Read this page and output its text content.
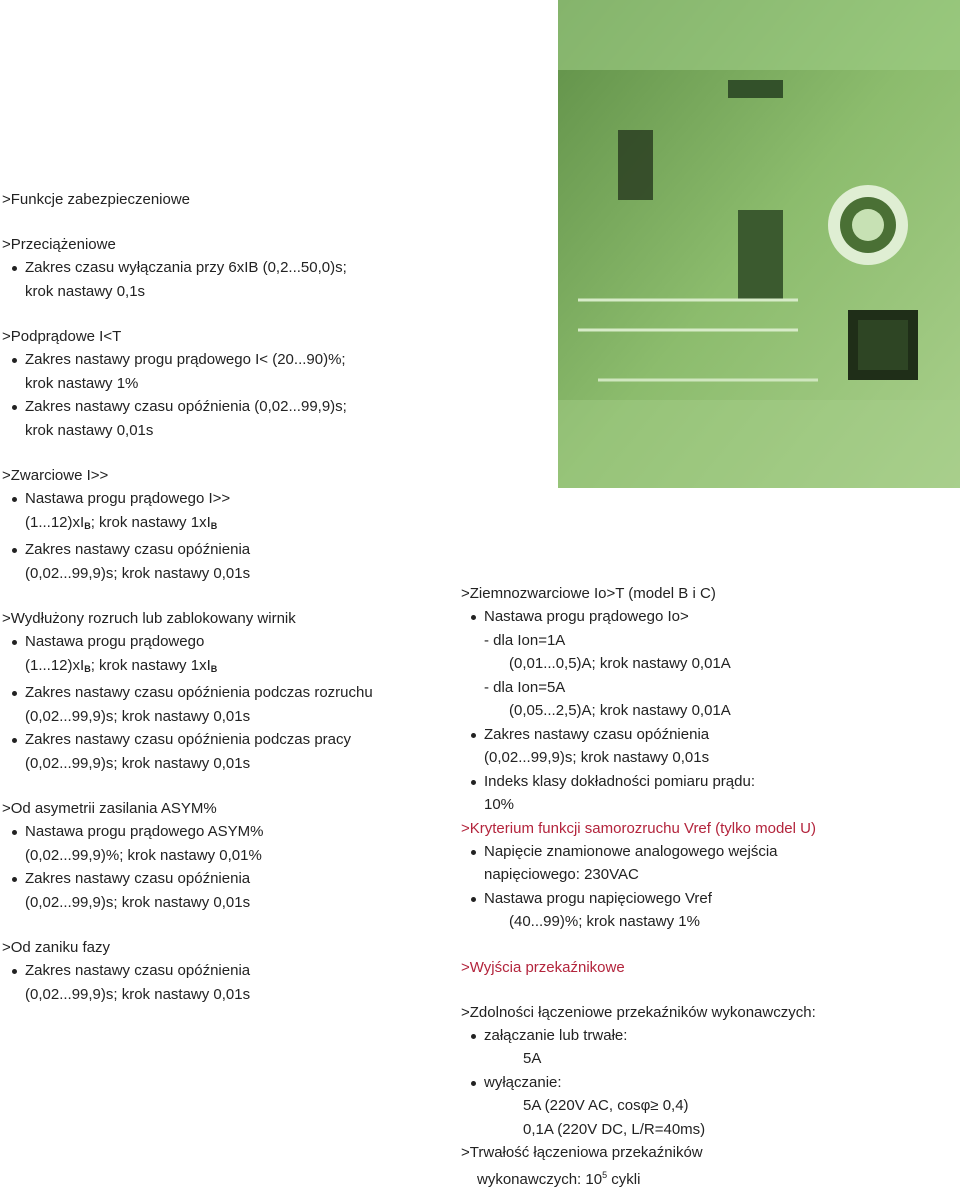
>Funkcje zabezpieczeniowe
>Przeciążeniowe
Zakres czasu wyłączania przy 6xIB (0,2...50,0)s;
krok nastawy 0,1s
>Podprądowe I<T
Zakres nastawy progu prądowego I< (20...90)%;
krok nastawy 1%
Zakres nastawy czasu opóźnienia (0,02...99,9)s;
krok nastawy 0,01s
>Zwarciowe I>>
Nastawa progu prądowego I>>
$(1...12)xI_B$; krok nastawy $1xI_B$
Zakres nastawy czasu opóźnienia
(0,02...99,9)s; krok nastawy 0,01s
>Wydłużony rozruch lub zablokowany wirnik
Nastawa progu prądowego
$(1...12)xI_B$; krok nastawy $1xI_B$
Zakres nastawy czasu opóźnienia podczas rozruchu
(0,02...99,9)s; krok nastawy 0,01s
Zakres nastawy czasu opóźnienia podczas pracy
(0,02...99,9)s; krok nastawy 0,01s
>Od asymetrii zasilania ASYM%
Nastawa progu prądowego ASYM%
(0,02...99,9)%; krok nastawy 0,01%
Zakres nastawy czasu opóźnienia
(0,02...99,9)s; krok nastawy 0,01s
>Od zaniku fazy
Zakres nastawy czasu opóźnienia
(0,02...99,9)s; krok nastawy 0,01s
>Ziemnozwarciowe Io>T (model B i C)
Nastawa progu prądowego Io>
- dla Ion=1A
(0,01...0,5)A; krok nastawy 0,01A
- dla Ion=5A
(0,05...2,5)A; krok nastawy 0,01A
Zakres nastawy czasu opóźnienia
(0,02...99,9)s; krok nastawy 0,01s
Indeks klasy dokładności pomiaru prądu:
10%
>Kryterium funkcji samorozruchu Vref (tylko model U)
Napięcie znamionowe analogowego wejścia
napięciowego: 230VAC
Nastawa progu napięciowego Vref
(40...99)%; krok nastawy 1%
>Wyjścia przekaźnikowe
>Zdolności łączeniowe przekaźników wykonawczych:
załączanie lub trwałe:
5A
wyłączanie:
5A (220V AC, cosφ≥ 0,4)
0,1A (220V DC, L/R=40ms)
>Trwałość łączeniowa przekaźników
wykonawczych: $10^5$ cykli
